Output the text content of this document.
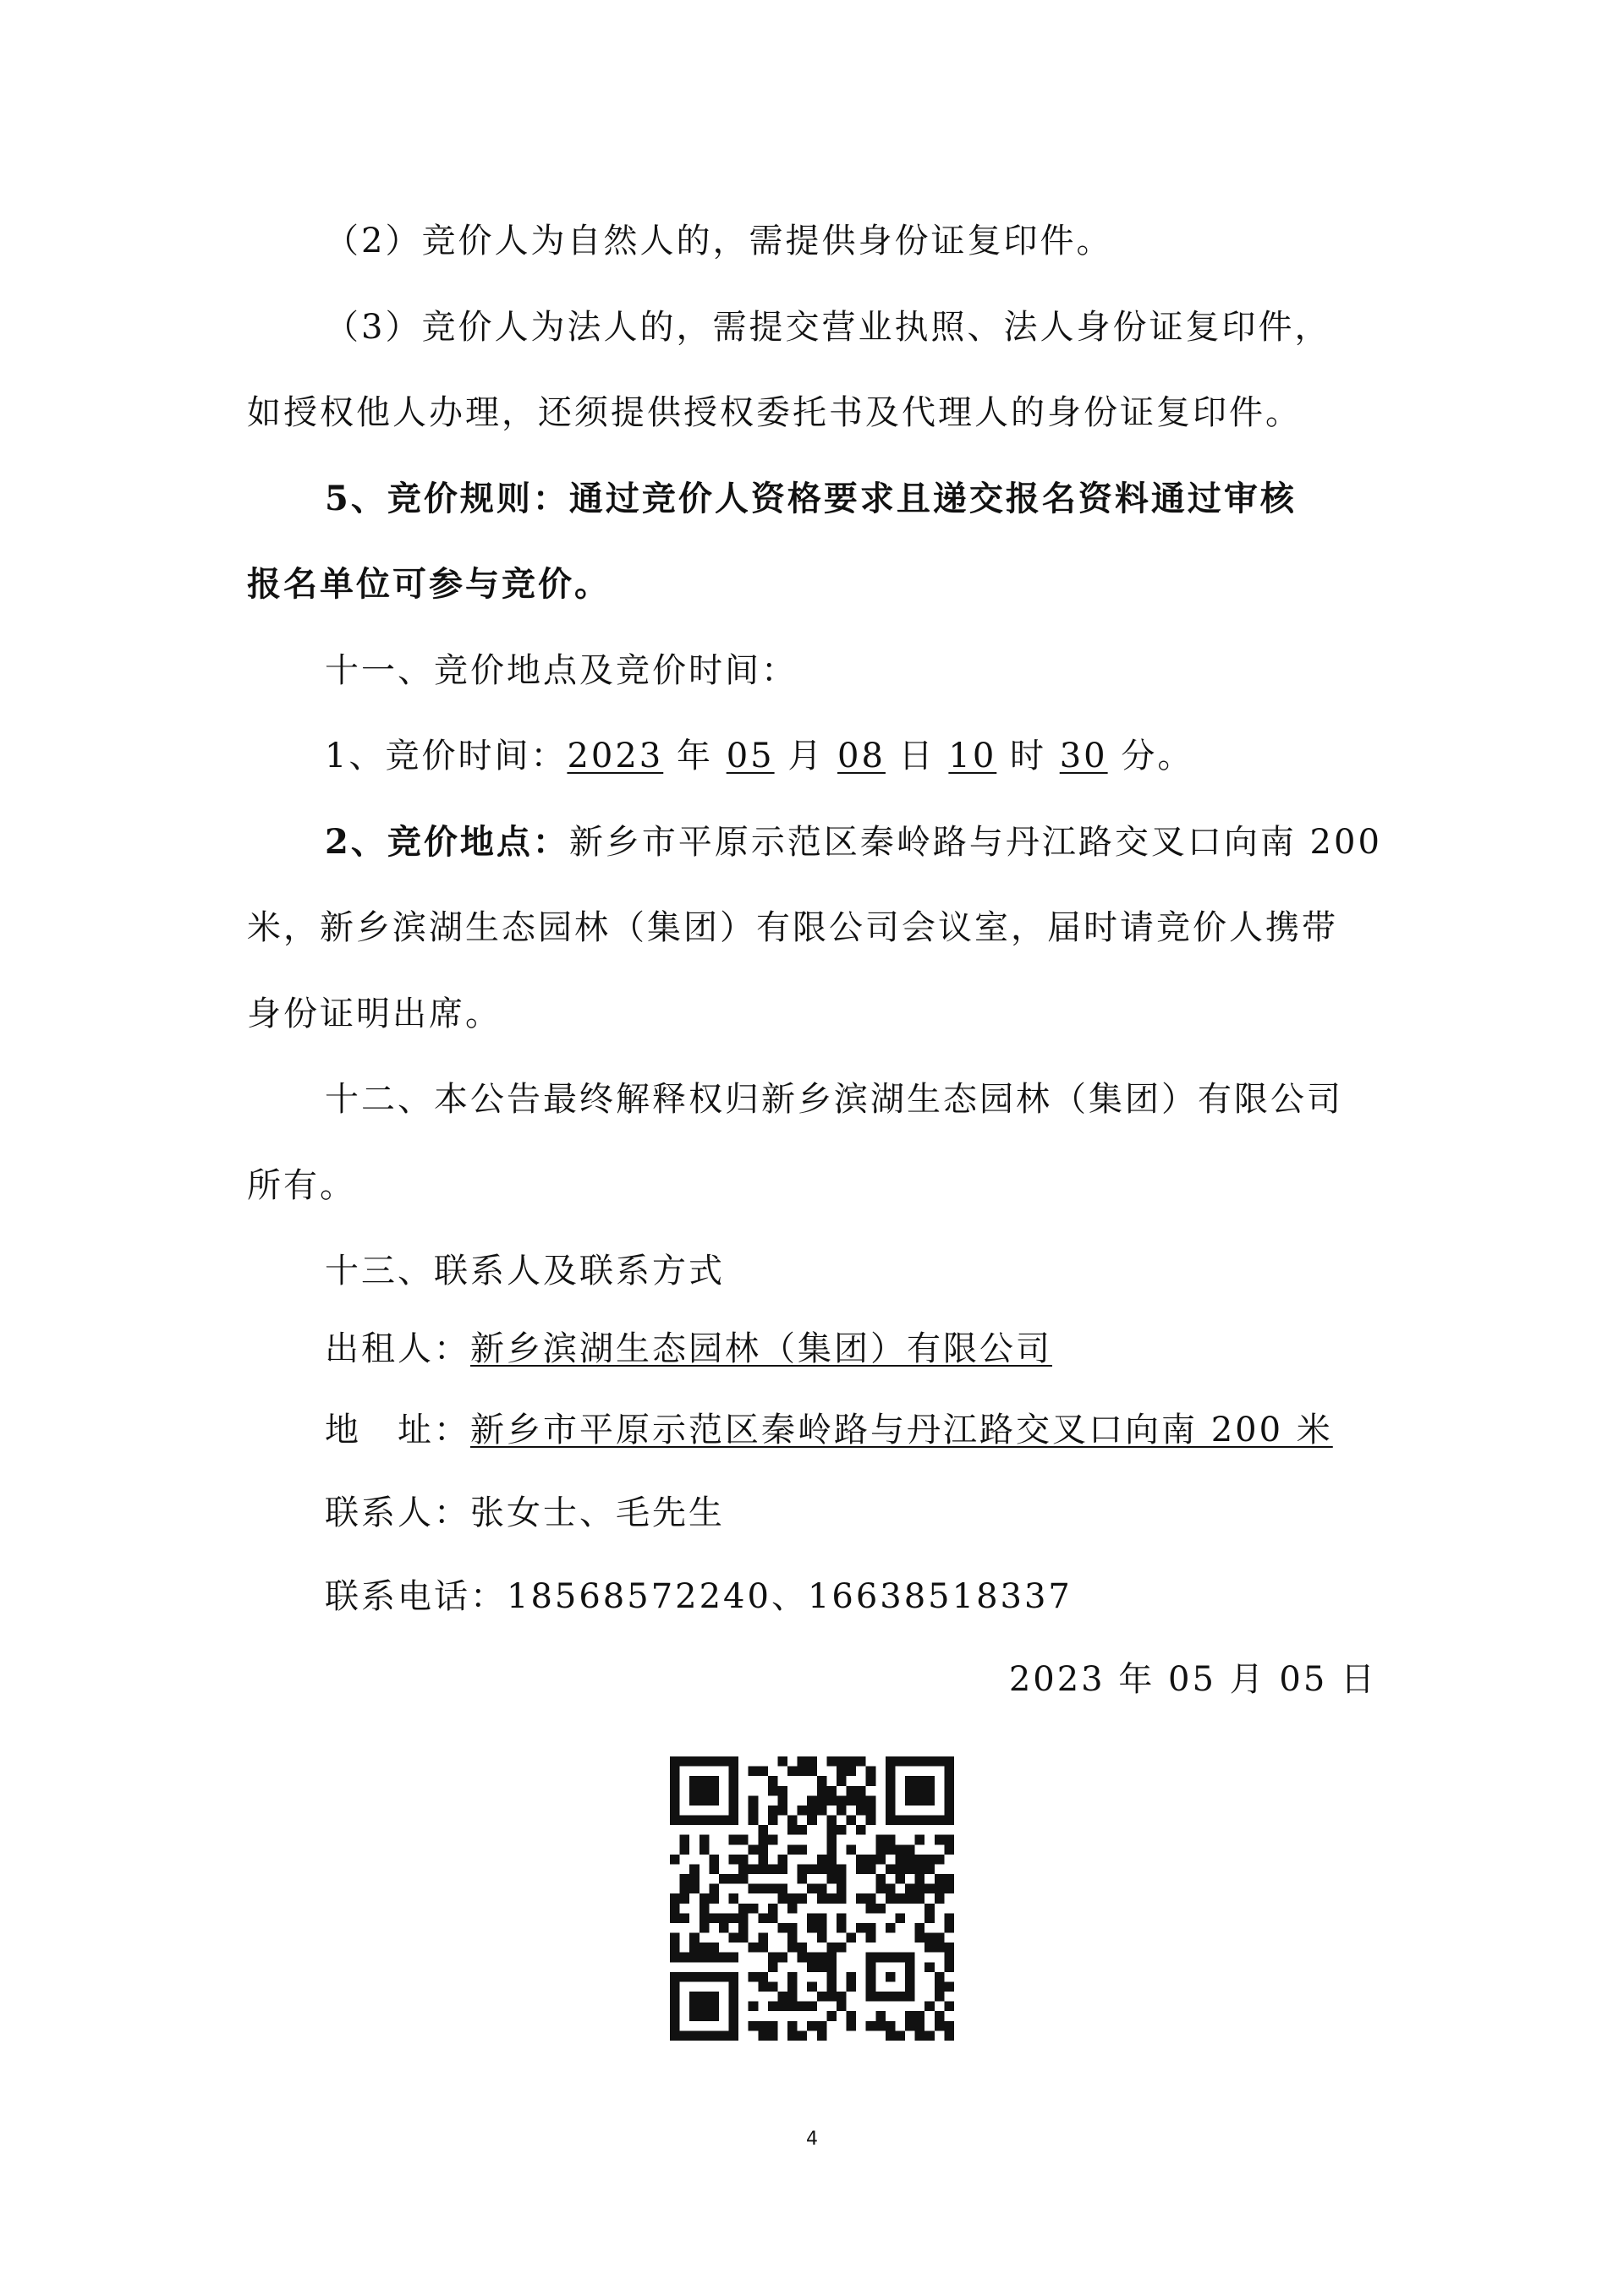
（2）竞价人为自然人的，需提供身份证复印件。
（3）竞价人为法人的，需提交营业执照、法人身份证复印件，
如授权他人办理，还须提供授权委托书及代理人的身份证复印件。
5、竞价规则：通过竞价人资格要求且递交报名资料通过审核
报名单位可参与竞价。
十一、竞价地点及竞价时间：
1、竞价时间：2023 年 05 月 08 日 10 时 30 分。
2、竞价地点：新乡市平原示范区秦岭路与丹江路交叉口向南 200
米，新乡滨湖生态园林（集团）有限公司会议室，届时请竞价人携带
身份证明出席。
十二、本公告最终解释权归新乡滨湖生态园林（集团）有限公司
所有。
十三、联系人及联系方式
出租人：新乡滨湖生态园林（集团）有限公司
地　址：新乡市平原示范区秦岭路与丹江路交叉口向南 200 米
联系人：张女士、毛先生
联系电话：18568572240、16638518337
2023 年 05 月 05 日
4
